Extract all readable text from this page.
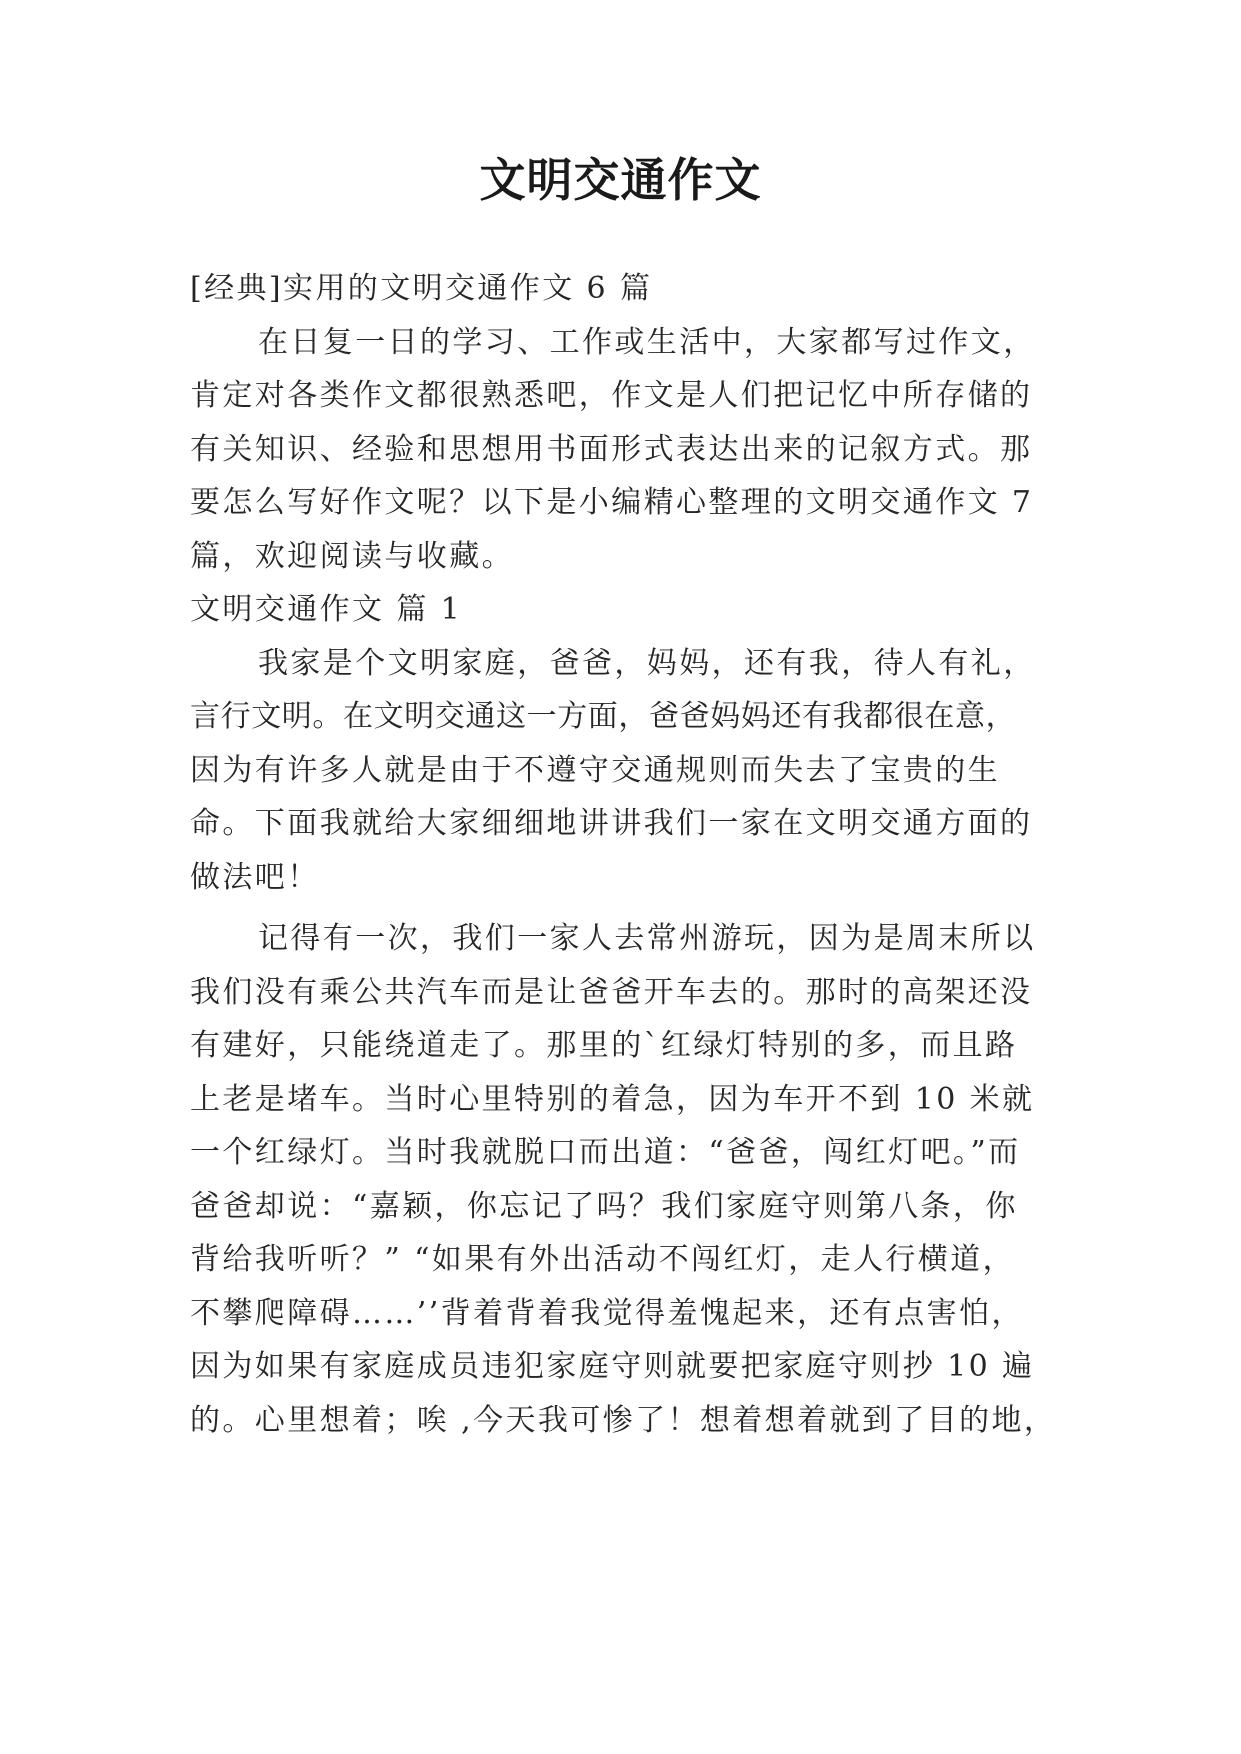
文明交通作文
[经典]实用的文明交通作文 6 篇
在日复一日的学习、工作或生活中，大家都写过作文，
肯定对各类作文都很熟悉吧，作文是人们把记忆中所存储的
有关知识、经验和思想用书面形式表达出来的记叙方式。那
要怎么写好作文呢？以下是小编精心整理的文明交通作文 7
篇，欢迎阅读与收藏。
文明交通作文 篇 1
我家是个文明家庭，爸爸，妈妈，还有我，待人有礼，
言行文明。在文明交通这一方面，爸爸妈妈还有我都很在意，
因为有许多人就是由于不遵守交通规则而失去了宝贵的生
命。下面我就给大家细细地讲讲我们一家在文明交通方面的
做法吧！
记得有一次，我们一家人去常州游玩，因为是周末所以
我们没有乘公共汽车而是让爸爸开车去的。那时的高架还没
有建好，只能绕道走了。那里的`红绿灯特别的多，而且路
上老是堵车。当时心里特别的着急，因为车开不到 10 米就
一个红绿灯。当时我就脱口而出道：“爸爸，闯红灯吧。”而
爸爸却说：“嘉颖，你忘记了吗？我们家庭守则第八条，你
背给我听听？” “如果有外出活动不闯红灯，走人行横道，
不攀爬障碍……’’背着背着我觉得羞愧起来，还有点害怕，
因为如果有家庭成员违犯家庭守则就要把家庭守则抄 10 遍
的。心里想着；唉 ,今天我可惨了！想着想着就到了目的地，
